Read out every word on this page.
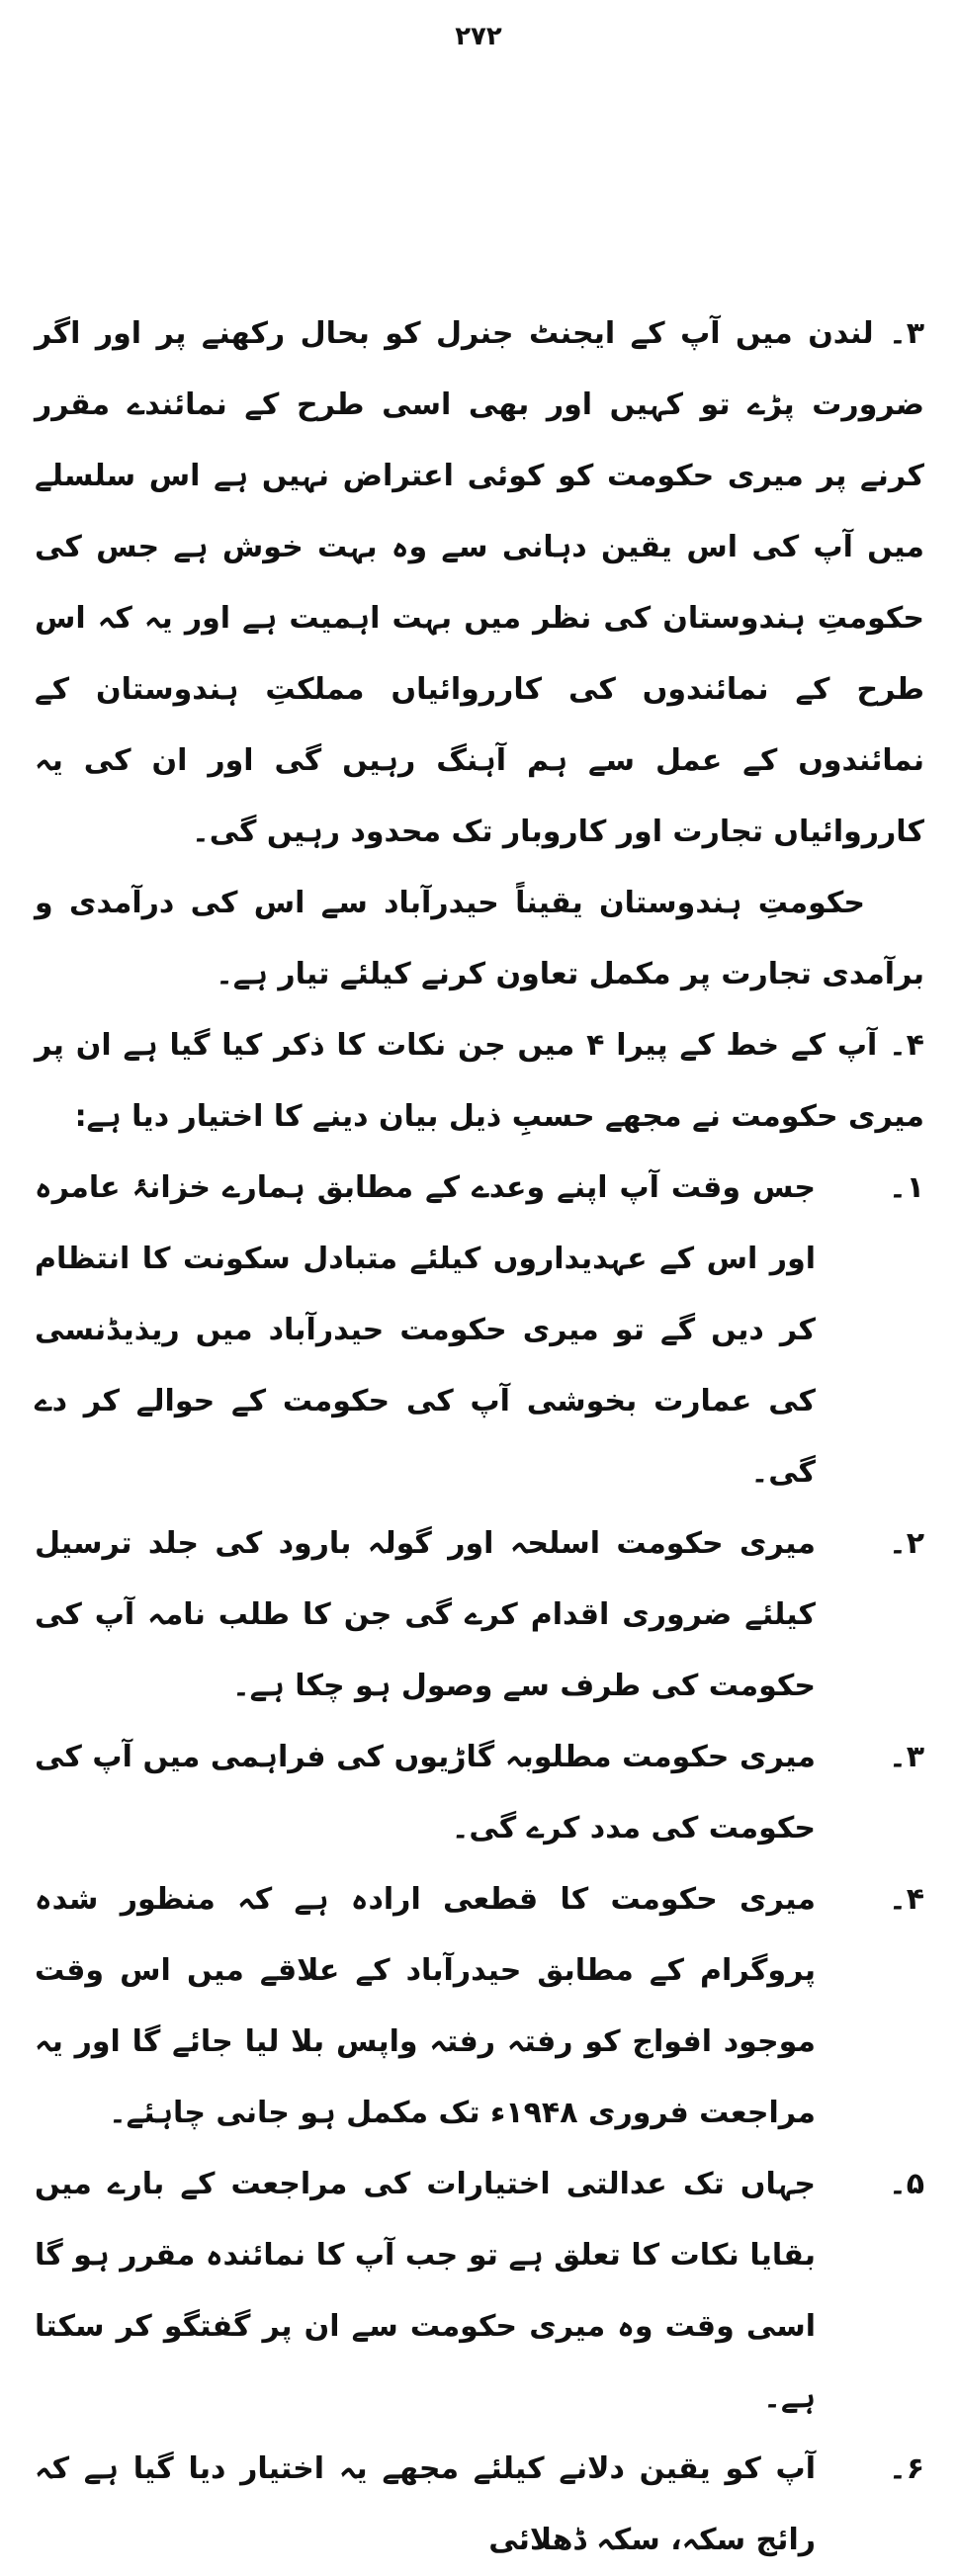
۲۷۲

۳۔ لندن میں آپ کے ایجنٹ جنرل کو بحال رکھنے پر اور اگر ضرورت پڑے تو کہیں اور بھی اسی طرح کے نمائندے مقرر کرنے پر میری حکومت کو کوئی اعتراض نہیں ہے اس سلسلے میں آپ کی اس یقین دہانی سے وہ بہت خوش ہے جس کی حکومتِ ہندوستان کی نظر میں بہت اہمیت ہے اور یہ کہ اس طرح کے نمائندوں کی کارروائیاں مملکتِ ہندوستان کے نمائندوں کے عمل سے ہم آہنگ رہیں گی اور ان کی یہ کارروائیاں تجارت اور کاروبار تک محدود رہیں گی۔

حکومتِ ہندوستان یقیناً حیدرآباد سے اس کی درآمدی و برآمدی تجارت پر مکمل تعاون کرنے کیلئے تیار ہے۔

۴۔ آپ کے خط کے پیرا ۴ میں جن نکات کا ذکر کیا گیا ہے ان پر میری حکومت نے مجھے حسبِ ذیل بیان دینے کا اختیار دیا ہے:

۱۔
جس وقت آپ اپنے وعدے کے مطابق ہمارے خزانۂ عامرہ اور اس کے عہدیداروں کیلئے متبادل سکونت کا انتظام کر دیں گے تو میری حکومت حیدرآباد میں ریذیڈنسی کی عمارت بخوشی آپ کی حکومت کے حوالے کر دے گی۔
۲۔
میری حکومت اسلحہ اور گولہ بارود کی جلد ترسیل کیلئے ضروری اقدام کرے گی جن کا طلب نامہ آپ کی حکومت کی طرف سے وصول ہو چکا ہے۔
۳۔
میری حکومت مطلوبہ گاڑیوں کی فراہمی میں آپ کی حکومت کی مدد کرے گی۔
۴۔
میری حکومت کا قطعی ارادہ ہے کہ منظور شدہ پروگرام کے مطابق حیدرآباد کے علاقے میں اس وقت موجود افواج کو رفتہ رفتہ واپس بلا لیا جائے گا اور یہ مراجعت فروری ۱۹۴۸ء تک مکمل ہو جانی چاہئے۔
۵۔
جہاں تک عدالتی اختیارات کی مراجعت کے بارے میں بقایا نکات کا تعلق ہے تو جب آپ کا نمائندہ مقرر ہو گا اسی وقت وہ میری حکومت سے ان پر گفتگو کر سکتا ہے۔
۶۔
آپ کو یقین دلانے کیلئے مجھے یہ اختیار دیا گیا ہے کہ رائج سکہ، سکہ ڈھلائی
